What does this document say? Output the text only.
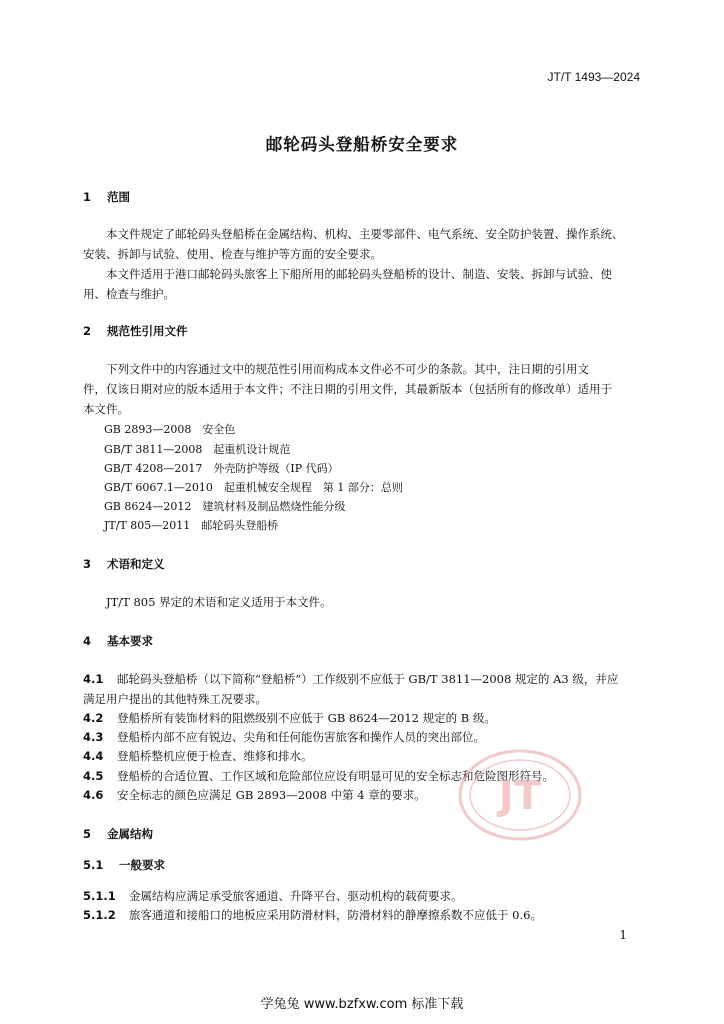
JT/T 1493—2024
邮轮码头登船桥安全要求
1 范围
　　本文件规定了邮轮码头登船桥在金属结构、机构、主要零部件、电气系统、安全防护装置、操作系统、
安装、拆卸与试验、使用、检查与维护等方面的安全要求。
　　本文件适用于港口邮轮码头旅客上下船所用的邮轮码头登船桥的设计、制造、安装、拆卸与试验、使
用、检查与维护。
2 规范性引用文件
　　下列文件中的内容通过文中的规范性引用而构成本文件必不可少的条款。其中，注日期的引用文
件，仅该日期对应的版本适用于本文件；不注日期的引用文件，其最新版本（包括所有的修改单）适用于
本文件。
GB 2893—2008　安全色
GB/T 3811—2008　起重机设计规范
GB/T 4208—2017　外壳防护等级（IP 代码）
GB/T 6067.1—2010　起重机械安全规程　第 1 部分：总则
GB 8624—2012　建筑材料及制品燃烧性能分级
JT/T 805—2011　邮轮码头登船桥
3 术语和定义
　　JT/T 805 界定的术语和定义适用于本文件。
4 基本要求
4.1 邮轮码头登船桥（以下简称“登船桥”）工作级别不应低于 GB/T 3811—2008 规定的 A3 级，并应
满足用户提出的其他特殊工况要求。
4.2 登船桥所有装饰材料的阻燃级别不应低于 GB 8624—2012 规定的 B 级。
4.3 登船桥内部不应有锐边、尖角和任何能伤害旅客和操作人员的突出部位。
4.4 登船桥整机应便于检查、维修和排水。
4.5 登船桥的合适位置、工作区域和危险部位应设有明显可见的安全标志和危险图形符号。
4.6 安全标志的颜色应满足 GB 2893—2008 中第 4 章的要求。
5 金属结构
5.1 一般要求
5.1.1 金属结构应满足承受旅客通道、升降平台、驱动机构的载荷要求。
5.1.2 旅客通道和接船口的地板应采用防滑材料，防滑材料的静摩擦系数不应低于 0.6。
JT
1
学兔兔 www.bzfxw.com 标准下载
